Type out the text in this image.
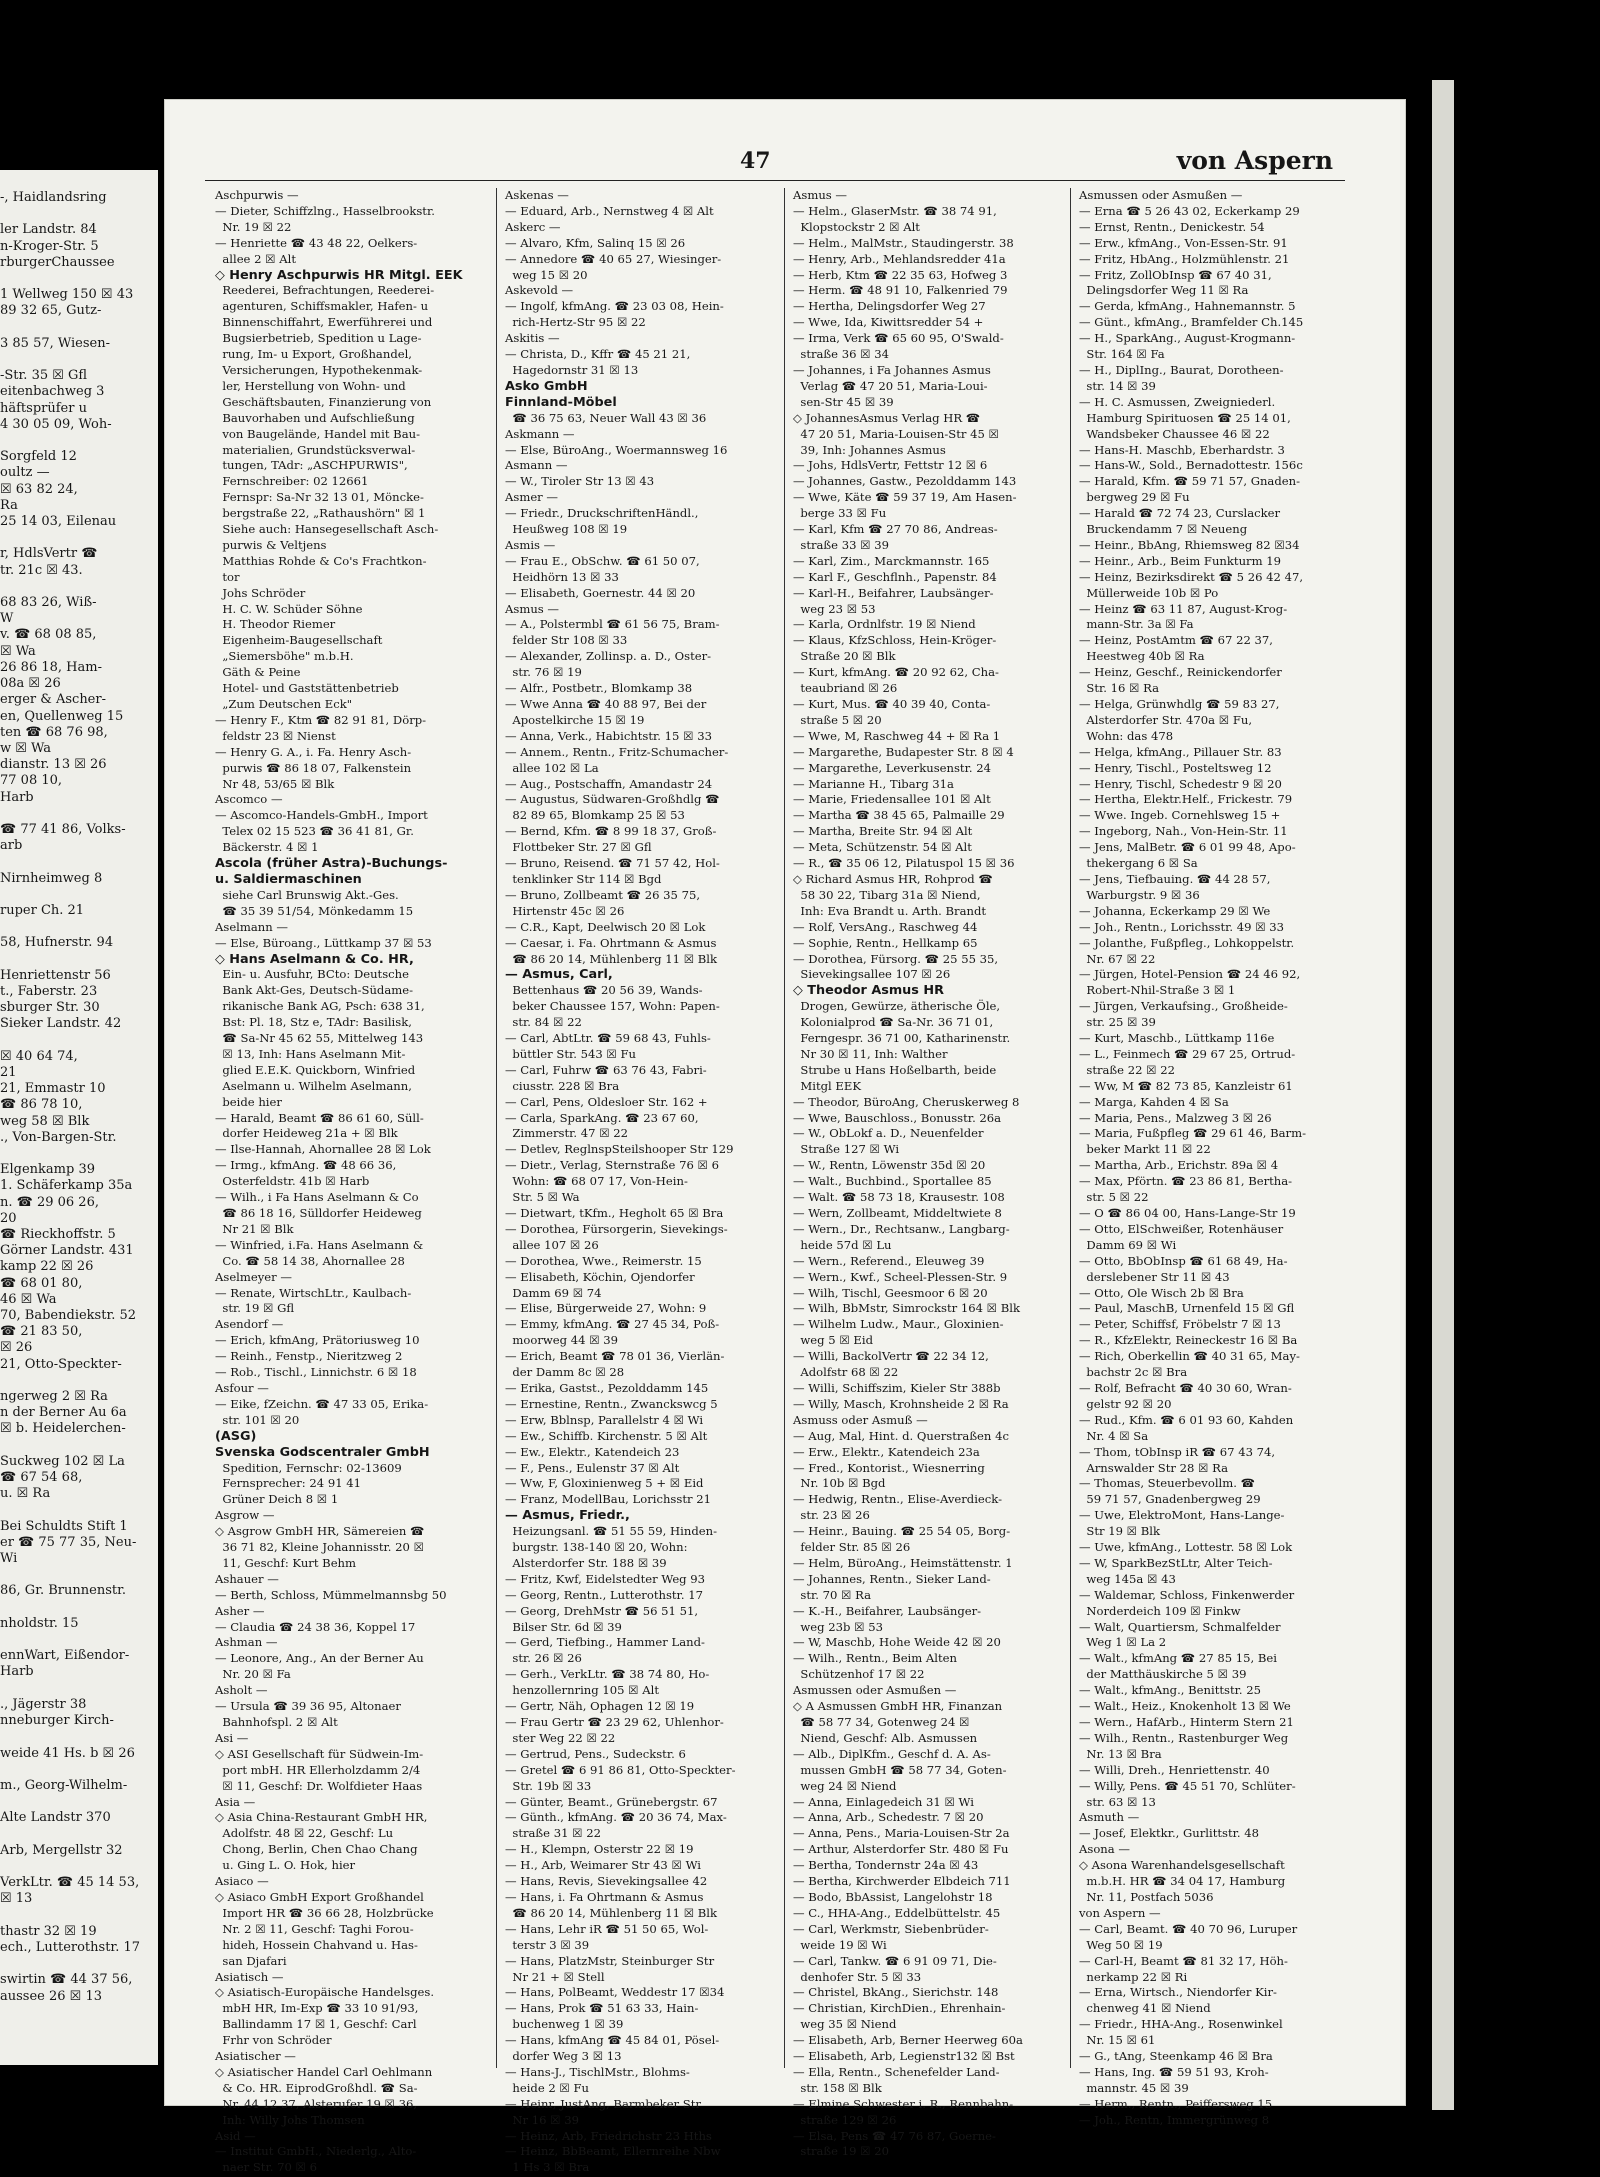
‑, Haidlandsring

ler Landstr. 84
n-Kroger-Str. 5
rburgerChaussee

1 Wellweg 150 ☒ 43
89 32 65, Gutz-

3 85 57, Wiesen-

-Str. 35 ☒ Gfl
eitenbachweg 3
häftsprüfer u
4 30 05 09, Woh-

Sorgfeld 12
oultz —
☒ 63 82 24,
Ra
25 14 03, Eilenau

r, HdlsVertr ☎
tr. 21c ☒ 43.

68 83 26, Wiß-
W
v. ☎ 68 08 85,
☒ Wa
26 86 18, Ham-
08a ☒ 26
erger & Ascher-
en, Quellenweg 15
ten ☎ 68 76 98,
w ☒ Wa
dianstr. 13 ☒ 26
77 08 10,
Harb

☎ 77 41 86, Volks-
arb

Nirnheimweg 8

ruper Ch. 21

58, Hufnerstr. 94

Henriettenstr 56
t., Faberstr. 23
sburger Str. 30
Sieker Landstr. 42

☒ 40 64 74,
21
21, Emmastr 10
☎ 86 78 10,
weg 58 ☒ Blk
., Von-Bargen-Str.

Elgenkamp 39
1. Schäferkamp 35a
n. ☎ 29 06 26,
20
☎ Rieckhoffstr. 5
Görner Landstr. 431
kamp 22 ☒ 26
☎ 68 01 80,
46 ☒ Wa
70, Babendiekstr. 52
☎ 21 83 50,
☒ 26
21, Otto-Speckter-

ngerweg 2 ☒ Ra
n der Berner Au 6a
☒ b. Heidelerchen-

Suckweg 102 ☒ La
☎ 67 54 68,
u. ☒ Ra

Bei Schuldts Stift 1
er ☎ 75 77 35, Neu-
Wi

86, Gr. Brunnenstr.

nholdstr. 15

ennWart, Eißendor-
Harb

., Jägerstr 38
nneburger Kirch-

weide 41 Hs. b ☒ 26

m., Georg-Wilhelm-

Alte Landstr 370

Arb, Mergellstr 32

VerkLtr. ☎ 45 14 53,
☒ 13

thastr 32 ☒ 19
ech., Lutterothstr. 17

swirtin ☎ 44 37 56,
aussee 26 ☒ 13
47	von Aspern
Aschpurwis —
— Dieter, Schiffzlng., Hasselbrookstr.
Nr. 19 ☒ 22
— Henriette ☎ 43 48 22, Oelkers-
allee 2 ☒ Alt
◇ Henry Aschpurwis HR Mitgl. EEK
Reederei, Befrachtungen, Reederei-
agenturen, Schiffsmakler, Hafen- u
Binnenschiffahrt, Ewerführerei und
Bugsierbetrieb, Spedition u Lage-
rung, Im- u Export, Großhandel,
Versicherungen, Hypothekenmak-
ler, Herstellung von Wohn- und
Geschäftsbauten, Finanzierung von
Bauvorhaben und Aufschließung
von Baugelände, Handel mit Bau-
materialien, Grundstücksverwal-
tungen, TAdr: „ASCHPURWIS",
Fernschreiber: 02 12661
Fernspr: Sa-Nr 32 13 01, Möncke-
bergstraße 22, „Rathaushörn" ☒ 1
Siehe auch: Hansegesellschaft Asch-
purwis & Veltjens
Matthias Rohde & Co's Frachtkon-
tor
Johs Schröder
H. C. W. Schüder Söhne
H. Theodor Riemer
Eigenheim-Baugesellschaft
„Siemersböhe" m.b.H.
Gäth & Peine
Hotel- und Gaststättenbetrieb
„Zum Deutschen Eck"
— Henry F., Ktm ☎ 82 91 81, Dörp-
feldstr 23 ☒ Nienst
— Henry G. A., i. Fa. Henry Asch-
purwis ☎ 86 18 07, Falkenstein
Nr 48, 53/65 ☒ Blk
Ascomco —
— Ascomco-Handels-GmbH., Import
Telex 02 15 523 ☎ 36 41 81, Gr.
Bäckerstr. 4 ☒ 1
Ascola (früher Astra)-Buchungs-
u. Saldiermaschinen
siehe Carl Brunswig Akt.-Ges.
☎ 35 39 51/54, Mönkedamm 15
Aselmann —
— Else, Büroang., Lüttkamp 37 ☒ 53
◇ Hans Aselmann & Co. HR,
Ein- u. Ausfuhr, BCto: Deutsche
Bank Akt-Ges, Deutsch-Südame-
rikanische Bank AG, Psch: 638 31,
Bst: Pl. 18, Stz e, TAdr: Basilisk,
☎ Sa-Nr 45 62 55, Mittelweg 143
☒ 13, Inh: Hans Aselmann Mit-
glied E.E.K. Quickborn, Winfried
Aselmann u. Wilhelm Aselmann,
beide hier
— Harald, Beamt ☎ 86 61 60, Süll-
dorfer Heideweg 21a + ☒ Blk
— Ilse-Hannah, Ahornallee 28 ☒ Lok
— Irmg., kfmAng. ☎ 48 66 36,
Osterfeldstr. 41b ☒ Harb
— Wilh., i Fa Hans Aselmann & Co
☎ 86 18 16, Sülldorfer Heideweg
Nr 21 ☒ Blk
— Winfried, i.Fa. Hans Aselmann &
Co. ☎ 58 14 38, Ahornallee 28
Aselmeyer —
— Renate, WirtschLtr., Kaulbach-
str. 19 ☒ Gfl
Asendorf —
— Erich, kfmAng, Prätoriusweg 10
— Reinh., Fenstp., Nieritzweg 2
— Rob., Tischl., Linnichstr. 6 ☒ 18
Asfour —
— Eike, fZeichn. ☎ 47 33 05, Erika-
str. 101 ☒ 20
(ASG)
Svenska Godscentraler GmbH
Spedition, Fernschr: 02-13609
Fernsprecher: 24 91 41
Grüner Deich 8 ☒ 1
Asgrow —
◇ Asgrow GmbH HR, Sämereien ☎
36 71 82, Kleine Johannisstr. 20 ☒
11, Geschf: Kurt Behm
Ashauer —
— Berth, Schloss, Mümmelmannsbg 50
Asher —
— Claudia ☎ 24 38 36, Koppel 17
Ashman —
— Leonore, Ang., An der Berner Au
Nr. 20 ☒ Fa
Asholt —
— Ursula ☎ 39 36 95, Altonaer
Bahnhofspl. 2 ☒ Alt
Asi —
◇ ASI Gesellschaft für Südwein-Im-
port mbH. HR Ellerholzdamm 2/4
☒ 11, Geschf: Dr. Wolfdieter Haas
Asia —
◇ Asia China-Restaurant GmbH HR,
Adolfstr. 48 ☒ 22, Geschf: Lu
Chong, Berlin, Chen Chao Chang
u. Ging L. O. Hok, hier
Asiaco —
◇ Asiaco GmbH Export Großhandel
Import HR ☎ 36 66 28, Holzbrücke
Nr. 2 ☒ 11, Geschf: Taghi Forou-
hideh, Hossein Chahvand u. Has-
san Djafari
Asiatisch —
◇ Asiatisch-Europäische Handelsges.
mbH HR, Im-Exp ☎ 33 10 91/93,
Ballindamm 17 ☒ 1, Geschf: Carl
Frhr von Schröder
Asiatischer —
◇ Asiatischer Handel Carl Oehlmann
& Co. HR. EiprodGroßhdl. ☎ Sa-
Nr. 44 12 37, Alsterufer 19 ☒ 36,
Inh: Willy Johs Thomsen
Asid —
— Institut GmbH., Niederlg., Alto-
naer Str. 70 ☒ 6
Askenas —
— Eduard, Arb., Nernstweg 4 ☒ Alt
Askerc —
— Alvaro, Kfm, Salinq 15 ☒ 26
— Annedore ☎ 40 65 27, Wiesinger-
weg 15 ☒ 20
Askevold —
— Ingolf, kfmAng. ☎ 23 03 08, Hein-
rich-Hertz-Str 95 ☒ 22
Askitis —
— Christa, D., Kffr ☎ 45 21 21,
Hagedornstr 31 ☒ 13
Asko GmbH
Finnland-Möbel
☎ 36 75 63, Neuer Wall 43 ☒ 36
Askmann —
— Else, BüroAng., Woermannsweg 16
Asmann —
— W., Tiroler Str 13 ☒ 43
Asmer —
— Friedr., DruckschriftenHändl.,
Heußweg 108 ☒ 19
Asmis —
— Frau E., ObSchw. ☎ 61 50 07,
Heidhörn 13 ☒ 33
— Elisabeth, Goernestr. 44 ☒ 20
Asmus —
— A., Polstermbl ☎ 61 56 75, Bram-
felder Str 108 ☒ 33
— Alexander, Zollinsp. a. D., Oster-
str. 76 ☒ 19
— Alfr., Postbetr., Blomkamp 38
— Wwe Anna ☎ 40 88 97, Bei der
Apostelkirche 15 ☒ 19
— Anna, Verk., Habichtstr. 15 ☒ 33
— Annem., Rentn., Fritz-Schumacher-
allee 102 ☒ La
— Aug., Postschaffn, Amandastr 24
— Augustus, Südwaren-Großhdlg ☎
82 89 65, Blomkamp 25 ☒ 53
— Bernd, Kfm. ☎ 8 99 18 37, Groß-
Flottbeker Str. 27 ☒ Gfl
— Bruno, Reisend. ☎ 71 57 42, Hol-
tenklinker Str 114 ☒ Bgd
— Bruno, Zollbeamt ☎ 26 35 75,
Hirtenstr 45c ☒ 26
— C.R., Kapt, Deelwisch 20 ☒ Lok
— Caesar, i. Fa. Ohrtmann & Asmus
☎ 86 20 14, Mühlenberg 11 ☒ Blk
— Asmus, Carl,
Bettenhaus ☎ 20 56 39, Wands-
beker Chaussee 157, Wohn: Papen-
str. 84 ☒ 22
— Carl, AbtLtr. ☎ 59 68 43, Fuhls-
büttler Str. 543 ☒ Fu
— Carl, Fuhrw ☎ 63 76 43, Fabri-
ciusstr. 228 ☒ Bra
— Carl, Pens, Oldesloer Str. 162 +
— Carla, SparkAng. ☎ 23 67 60,
Zimmerstr. 47 ☒ 22
— Detlev, ReglnspSteilshooper Str 129
— Dietr., Verlag, Sternstraße 76 ☒ 6
Wohn: ☎ 68 07 17, Von-Hein-
Str. 5 ☒ Wa
— Dietwart, tKfm., Hegholt 65 ☒ Bra
— Dorothea, Fürsorgerin, Sievekings-
allee 107 ☒ 26
— Dorothea, Wwe., Reimerstr. 15
— Elisabeth, Köchin, Ojendorfer
Damm 69 ☒ 74
— Elise, Bürgerweide 27, Wohn: 9
— Emmy, kfmAng. ☎ 27 45 34, Poß-
moorweg 44 ☒ 39
— Erich, Beamt ☎ 78 01 36, Vierlän-
der Damm 8c ☒ 28
— Erika, Gastst., Pezolddamm 145
— Ernestine, Rentn., Zwanckswcg 5
— Erw, Bblnsp, Parallelstr 4 ☒ Wi
— Ew., Schiffb. Kirchenstr. 5 ☒ Alt
— Ew., Elektr., Katendeich 23
— F., Pens., Eulenstr 37 ☒ Alt
— Ww, F, Gloxinienweg 5 + ☒ Eid
— Franz, ModellBau, Lorichsstr 21
— Asmus, Friedr.,
Heizungsanl. ☎ 51 55 59, Hinden-
burgstr. 138-140 ☒ 20, Wohn:
Alsterdorfer Str. 188 ☒ 39
— Fritz, Kwf, Eidelstedter Weg 93
— Georg, Rentn., Lutterothstr. 17
— Georg, DrehMstr ☎ 56 51 51,
Bilser Str. 6d ☒ 39
— Gerd, Tiefbing., Hammer Land-
str. 26 ☒ 26
— Gerh., VerkLtr. ☎ 38 74 80, Ho-
henzollernring 105 ☒ Alt
— Gertr, Näh, Ophagen 12 ☒ 19
— Frau Gertr ☎ 23 29 62, Uhlenhor-
ster Weg 22 ☒ 22
— Gertrud, Pens., Sudeckstr. 6
— Gretel ☎ 6 91 86 81, Otto-Speckter-
Str. 19b ☒ 33
— Günter, Beamt., Grünebergstr. 67
— Günth., kfmAng. ☎ 20 36 74, Max-
straße 31 ☒ 22
— H., Klempn, Osterstr 22 ☒ 19
— H., Arb, Weimarer Str 43 ☒ Wi
— Hans, Revis, Sievekingsallee 42
— Hans, i. Fa Ohrtmann & Asmus
☎ 86 20 14, Mühlenberg 11 ☒ Blk
— Hans, Lehr iR ☎ 51 50 65, Wol-
terstr 3 ☒ 39
— Hans, PlatzMstr, Steinburger Str
Nr 21 + ☒ Stell
— Hans, PolBeamt, Weddestr 17 ☒34
— Hans, Prok ☎ 51 63 33, Hain-
buchenweg 1 ☒ 39
— Hans, kfmAng ☎ 45 84 01, Pösel-
dorfer Weg 3 ☒ 13
— Hans-J., TischlMstr., Blohms-
heide 2 ☒ Fu
— Heinr, JustAng, Barmbeker Str
Nr 16 ☒ 39
— Heinz, Arb, Friedrichstr 23 Hths
— Heinz, BbBeamt, Ellernreihe Nbw
1 Hs 3 ☒ Bra
Asmus —
— Helm., GlaserMstr. ☎ 38 74 91,
Klopstockstr 2 ☒ Alt
— Helm., MalMstr., Staudingerstr. 38
— Henry, Arb., Mehlandsredder 41a
— Herb, Ktm ☎ 22 35 63, Hofweg 3
— Herm. ☎ 48 91 10, Falkenried 79
— Hertha, Delingsdorfer Weg 27
— Wwe, Ida, Kiwittsredder 54 +
— Irma, Verk ☎ 65 60 95, O'Swald-
straße 36 ☒ 34
— Johannes, i Fa Johannes Asmus
Verlag ☎ 47 20 51, Maria-Loui-
sen-Str 45 ☒ 39
◇ JohannesAsmus Verlag HR ☎
47 20 51, Maria-Louisen-Str 45 ☒
39, Inh: Johannes Asmus
— Johs, HdlsVertr, Fettstr 12 ☒ 6
— Johannes, Gastw., Pezolddamm 143
— Wwe, Käte ☎ 59 37 19, Am Hasen-
berge 33 ☒ Fu
— Karl, Kfm ☎ 27 70 86, Andreas-
straße 33 ☒ 39
— Karl, Zim., Marckmannstr. 165
— Karl F., Geschflnh., Papenstr. 84
— Karl-H., Beifahrer, Laubsänger-
weg 23 ☒ 53
— Karla, Ordnlfstr. 19 ☒ Niend
— Klaus, KfzSchloss, Hein-Kröger-
Straße 20 ☒ Blk
— Kurt, kfmAng. ☎ 20 92 62, Cha-
teaubriand ☒ 26
— Kurt, Mus. ☎ 40 39 40, Conta-
straße 5 ☒ 20
— Wwe, M, Raschweg 44 + ☒ Ra 1
— Margarethe, Budapester Str. 8 ☒ 4
— Margarethe, Leverkusenstr. 24
— Marianne H., Tibarg 31a
— Marie, Friedensallee 101 ☒ Alt
— Martha ☎ 38 45 65, Palmaille 29
— Martha, Breite Str. 94 ☒ Alt
— Meta, Schützenstr. 54 ☒ Alt
— R., ☎ 35 06 12, Pilatuspol 15 ☒ 36
◇ Richard Asmus HR, Rohprod ☎
58 30 22, Tibarg 31a ☒ Niend,
Inh: Eva Brandt u. Arth. Brandt
— Rolf, VersAng., Raschweg 44
— Sophie, Rentn., Hellkamp 65
— Dorothea, Fürsorg. ☎ 25 55 35,
Sievekingsallee 107 ☒ 26
◇ Theodor Asmus HR
Drogen, Gewürze, ätherische Öle,
Kolonialprod ☎ Sa-Nr. 36 71 01,
Ferngespr. 36 71 00, Katharinenstr.
Nr 30 ☒ 11, Inh: Walther
Strube u Hans Hoßelbarth, beide
Mitgl EEK
— Theodor, BüroAng, Cheruskerweg 8
— Wwe, Bauschloss., Bonusstr. 26a
— W., ObLokf a. D., Neuenfelder
Straße 127 ☒ Wi
— W., Rentn, Löwenstr 35d ☒ 20
— Walt., Buchbind., Sportallee 85
— Walt. ☎ 58 73 18, Krausestr. 108
— Wern, Zollbeamt, Middeltwiete 8
— Wern., Dr., Rechtsanw., Langbarg-
heide 57d ☒ Lu
— Wern., Referend., Eleuweg 39
— Wern., Kwf., Scheel-Plessen-Str. 9
— Wilh, Tischl, Geesmoor 6 ☒ 20
— Wilh, BbMstr, Simrockstr 164 ☒ Blk
— Wilhelm Ludw., Maur., Gloxinien-
weg 5 ☒ Eid
— Willi, BackolVertr ☎ 22 34 12,
Adolfstr 68 ☒ 22
— Willi, Schiffszim, Kieler Str 388b
— Willy, Masch, Krohnsheide 2 ☒ Ra
Asmuss oder Asmuß —
— Aug, Mal, Hint. d. Querstraßen 4c
— Erw., Elektr., Katendeich 23a
— Fred., Kontorist., Wiesnerring
Nr. 10b ☒ Bgd
— Hedwig, Rentn., Elise-Averdieck-
str. 23 ☒ 26
— Heinr., Bauing. ☎ 25 54 05, Borg-
felder Str. 85 ☒ 26
— Helm, BüroAng., Heimstättenstr. 1
— Johannes, Rentn., Sieker Land-
str. 70 ☒ Ra
— K.-H., Beifahrer, Laubsänger-
weg 23b ☒ 53
— W, Maschb, Hohe Weide 42 ☒ 20
— Wilh., Rentn., Beim Alten
Schützenhof 17 ☒ 22
Asmussen oder Asmußen —
◇ A Asmussen GmbH HR, Finanzan
☎ 58 77 34, Gotenweg 24 ☒
Niend, Geschf: Alb. Asmussen
— Alb., DiplKfm., Geschf d. A. As-
mussen GmbH ☎ 58 77 34, Goten-
weg 24 ☒ Niend
— Anna, Einlagedeich 31 ☒ Wi
— Anna, Arb., Schedestr. 7 ☒ 20
— Anna, Pens., Maria-Louisen-Str 2a
— Arthur, Alsterdorfer Str. 480 ☒ Fu
— Bertha, Tondernstr 24a ☒ 43
— Bertha, Kirchwerder Elbdeich 711
— Bodo, BbAssist, Langelohstr 18
— C., HHA-Ang., Eddelbüttelstr. 45
— Carl, Werkmstr, Siebenbrüder-
weide 19 ☒ Wi
— Carl, Tankw. ☎ 6 91 09 71, Die-
denhofer Str. 5 ☒ 33
— Christel, BkAng., Sierichstr. 148
— Christian, KirchDien., Ehrenhain-
weg 35 ☒ Niend
— Elisabeth, Arb, Berner Heerweg 60a
— Elisabeth, Arb, Legienstr132 ☒ Bst
— Ella, Rentn., Schenefelder Land-
str. 158 ☒ Blk
— Elmine Schwester i. R., Rennbahn-
straße 129 ☒ 26
— Elsa, Pens ☎ 47 76 87, Goerne-
straße 19 ☒ 20
Asmussen oder Asmußen —
— Erna ☎ 5 26 43 02, Eckerkamp 29
— Ernst, Rentn., Denickestr. 54
— Erw., kfmAng., Von-Essen-Str. 91
— Fritz, HbAng., Holzmühlenstr. 21
— Fritz, ZollObInsp ☎ 67 40 31,
Delingsdorfer Weg 11 ☒ Ra
— Gerda, kfmAng., Hahnemannstr. 5
— Günt., kfmAng., Bramfelder Ch.145
— H., SparkAng., August-Krogmann-
Str. 164 ☒ Fa
— H., DiplIng., Baurat, Dorotheen-
str. 14 ☒ 39
— H. C. Asmussen, Zweigniederl.
Hamburg Spirituosen ☎ 25 14 01,
Wandsbeker Chaussee 46 ☒ 22
— Hans-H. Maschb, Eberhardstr. 3
— Hans-W., Sold., Bernadottestr. 156c
— Harald, Kfm. ☎ 59 71 57, Gnaden-
bergweg 29 ☒ Fu
— Harald ☎ 72 74 23, Curslacker
Bruckendamm 7 ☒ Neueng
— Heinr., BbAng, Rhiemsweg 82 ☒34
— Heinr., Arb., Beim Funkturm 19
— Heinz, Bezirksdirekt ☎ 5 26 42 47,
Müllerweide 10b ☒ Po
— Heinz ☎ 63 11 87, August-Krog-
mann-Str. 3a ☒ Fa
— Heinz, PostAmtm ☎ 67 22 37,
Heestweg 40b ☒ Ra
— Heinz, Geschf., Reinickendorfer
Str. 16 ☒ Ra
— Helga, Grünwhdlg ☎ 59 83 27,
Alsterdorfer Str. 470a ☒ Fu,
Wohn: das 478
— Helga, kfmAng., Pillauer Str. 83
— Henry, Tischl., Posteltsweg 12
— Henry, Tischl, Schedestr 9 ☒ 20
— Hertha, Elektr.Helf., Frickestr. 79
— Wwe. Ingeb. Cornehlsweg 15 +
— Ingeborg, Nah., Von-Hein-Str. 11
— Jens, MalBetr. ☎ 6 01 99 48, Apo-
thekergang 6 ☒ Sa
— Jens, Tiefbauing. ☎ 44 28 57,
Warburgstr. 9 ☒ 36
— Johanna, Eckerkamp 29 ☒ We
— Joh., Rentn., Lorichsstr. 49 ☒ 33
— Jolanthe, Fußpfleg., Lohkoppelstr.
Nr. 67 ☒ 22
— Jürgen, Hotel-Pension ☎ 24 46 92,
Robert-Nhil-Straße 3 ☒ 1
— Jürgen, Verkaufsing., Großheide-
str. 25 ☒ 39
— Kurt, Maschb., Lüttkamp 116e
— L., Feinmech ☎ 29 67 25, Ortrud-
straße 22 ☒ 22
— Ww, M ☎ 82 73 85, Kanzleistr 61
— Marga, Kahden 4 ☒ Sa
— Maria, Pens., Malzweg 3 ☒ 26
— Maria, Fußpfleg ☎ 29 61 46, Barm-
beker Markt 11 ☒ 22
— Martha, Arb., Erichstr. 89a ☒ 4
— Max, Pförtn. ☎ 23 86 81, Bertha-
str. 5 ☒ 22
— O ☎ 86 04 00, Hans-Lange-Str 19
— Otto, ElSchweißer, Rotenhäuser
Damm 69 ☒ Wi
— Otto, BbObInsp ☎ 61 68 49, Ha-
derslebener Str 11 ☒ 43
— Otto, Ole Wisch 2b ☒ Bra
— Paul, MaschB, Urnenfeld 15 ☒ Gfl
— Peter, Schiffsf, Fröbelstr 7 ☒ 13
— R., KfzElektr, Reineckestr 16 ☒ Ba
— Rich, Oberkellin ☎ 40 31 65, May-
bachstr 2c ☒ Bra
— Rolf, Befracht ☎ 40 30 60, Wran-
gelstr 92 ☒ 20
— Rud., Kfm. ☎ 6 01 93 60, Kahden
Nr. 4 ☒ Sa
— Thom, tObInsp iR ☎ 67 43 74,
Arnswalder Str 28 ☒ Ra
— Thomas, Steuerbevollm. ☎
59 71 57, Gnadenbergweg 29
— Uwe, ElektroMont, Hans-Lange-
Str 19 ☒ Blk
— Uwe, kfmAng., Lottestr. 58 ☒ Lok
— W, SparkBezStLtr, Alter Teich-
weg 145a ☒ 43
— Waldemar, Schloss, Finkenwerder
Norderdeich 109 ☒ Finkw
— Walt, Quartiersm, Schmalfelder
Weg 1 ☒ La 2
— Walt., kfmAng ☎ 27 85 15, Bei
der Matthäuskirche 5 ☒ 39
— Walt., kfmAng., Benittstr. 25
— Walt., Heiz., Knokenholt 13 ☒ We
— Wern., HafArb., Hinterm Stern 21
— Wilh., Rentn., Rastenburger Weg
Nr. 13 ☒ Bra
— Willi, Dreh., Henriettenstr. 40
— Willy, Pens. ☎ 45 51 70, Schlüter-
str. 63 ☒ 13
Asmuth —
— Josef, Elektkr., Gurlittstr. 48
Asona —
◇ Asona Warenhandelsgesellschaft
m.b.H. HR ☎ 34 04 17, Hamburg
Nr. 11, Postfach 5036
von Aspern —
— Carl, Beamt. ☎ 40 70 96, Luruper
Weg 50 ☒ 19
— Carl-H, Beamt ☎ 81 32 17, Höh-
nerkamp 22 ☒ Ri
— Erna, Wirtsch., Niendorfer Kir-
chenweg 41 ☒ Niend
— Friedr., HHA-Ang., Rosenwinkel
Nr. 15 ☒ 61
— G., tAng, Steenkamp 46 ☒ Bra
— Hans, Ing. ☎ 59 51 93, Kroh-
mannstr. 45 ☒ 39
— Herm., Rentn., Peiffersweg 15
— Joh., Rentn, Immergrünweg 8
